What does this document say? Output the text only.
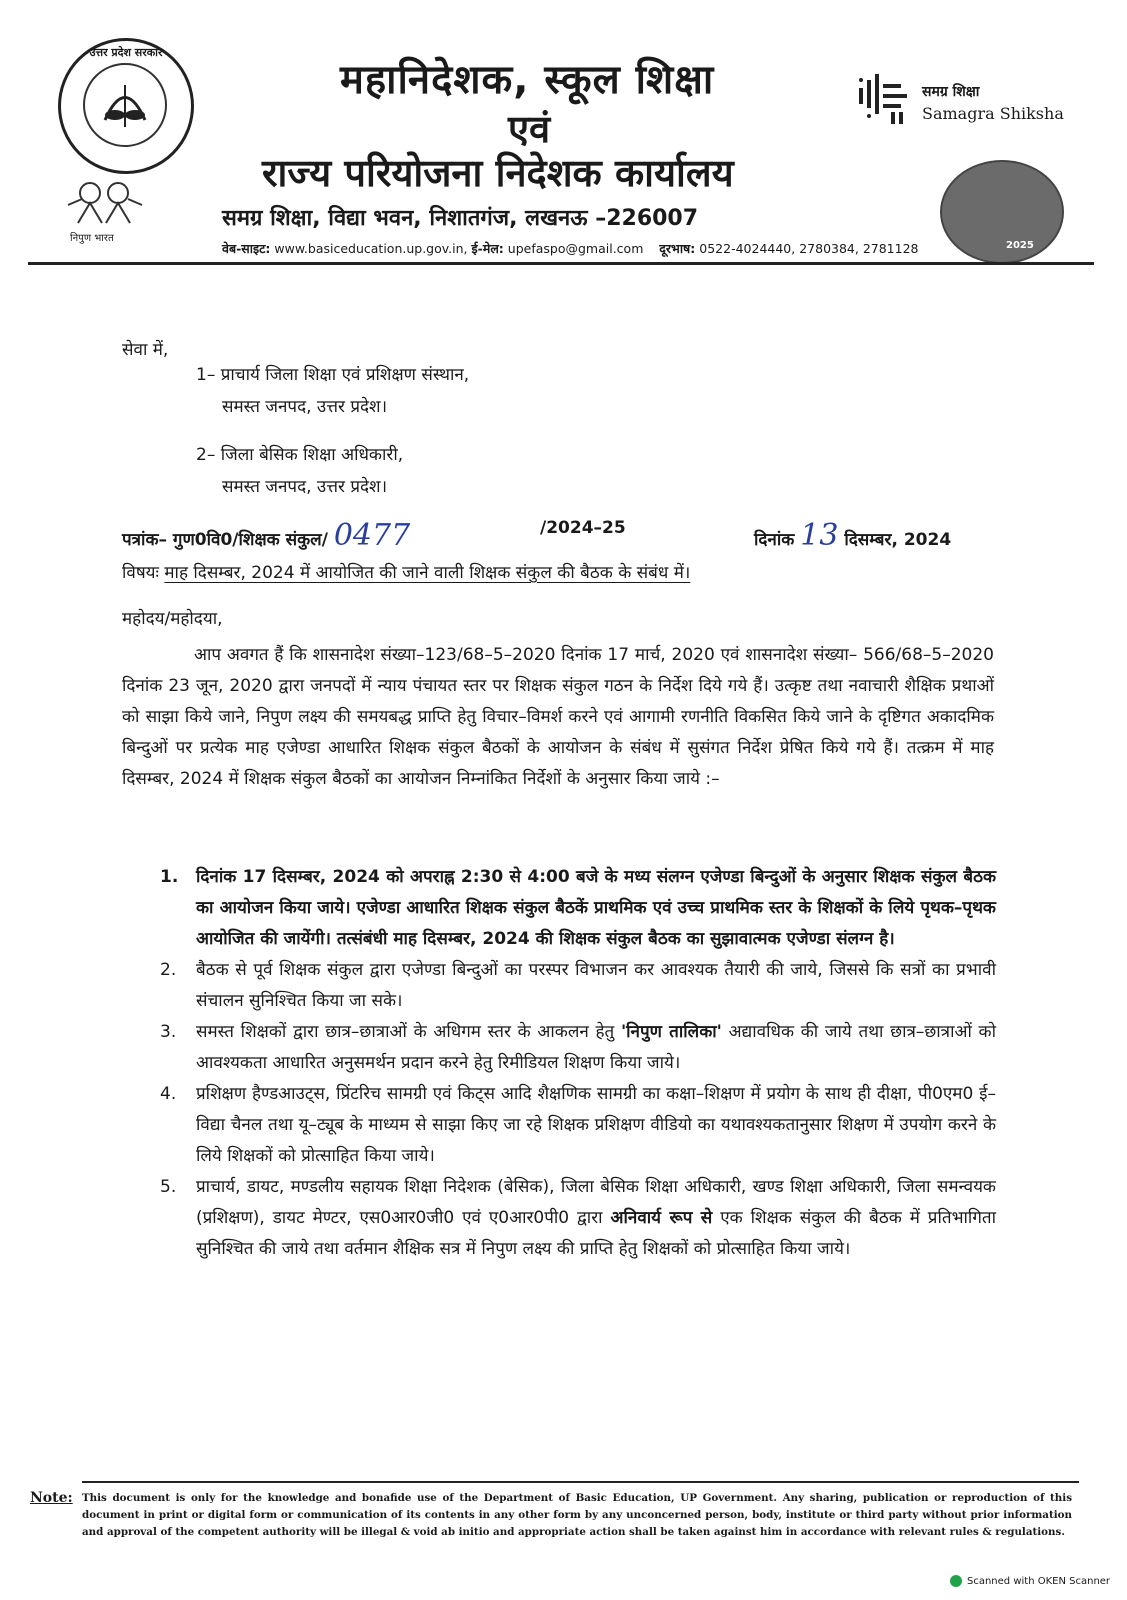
उत्तर प्रदेश सरकार
निपुण भारत
महानिदेशक, स्कूल शिक्षा
एवं
राज्य परियोजना निदेशक कार्यालय
समग्र शिक्षा, विद्या भवन, निशातगंज, लखनऊ –226007
वेब-साइट: www.basiceducation.up.gov.in, ई-मेल: upefaspo@gmail.com दूरभाष: 0522-4024440, 2780384, 2781128
समग्र शिक्षा
Samagra Shiksha
2025
सेवा में,
1– प्राचार्य जिला शिक्षा एवं प्रशिक्षण संस्थान,
समस्त जनपद, उत्तर प्रदेश।
2– जिला बेसिक शिक्षा अधिकारी,
समस्त जनपद, उत्तर प्रदेश।
पत्रांक– गुण0वि0/शिक्षक संकुल/ 0477	/2024–25
दिनांक 13 दिसम्बर, 2024
विषयः माह दिसम्बर, 2024 में आयोजित की जाने वाली शिक्षक संकुल की बैठक के संबंध में।
महोदय/महोदया,
आप अवगत हैं कि शासनादेश संख्या–123/68–5–2020 दिनांक 17 मार्च, 2020 एवं शासनादेश संख्या– 566/68–5–2020 दिनांक 23 जून, 2020 द्वारा जनपदों में न्याय पंचायत स्तर पर शिक्षक संकुल गठन के निर्देश दिये गये हैं। उत्कृष्ट तथा नवाचारी शैक्षिक प्रथाओं को साझा किये जाने, निपुण लक्ष्य की समयबद्ध प्राप्ति हेतु विचार–विमर्श करने एवं आगामी रणनीति विकसित किये जाने के दृष्टिगत अकादमिक बिन्दुओं पर प्रत्येक माह एजेण्डा आधारित शिक्षक संकुल बैठकों के आयोजन के संबंध में सुसंगत निर्देश प्रेषित किये गये हैं। तत्क्रम में माह दिसम्बर, 2024 में शिक्षक संकुल बैठकों का आयोजन निम्नांकित निर्देशों के अनुसार किया जाये :–
1. दिनांक 17 दिसम्बर, 2024 को अपराह्न 2:30 से 4:00 बजे के मध्य संलग्न एजेण्डा बिन्दुओं के अनुसार शिक्षक संकुल बैठक का आयोजन किया जाये। एजेण्डा आधारित शिक्षक संकुल बैठकें प्राथमिक एवं उच्च प्राथमिक स्तर के शिक्षकों के लिये पृथक–पृथक आयोजित की जायेंगी। तत्संबंधी माह दिसम्बर, 2024 की शिक्षक संकुल बैठक का सुझावात्मक एजेण्डा संलग्न है।
2. बैठक से पूर्व शिक्षक संकुल द्वारा एजेण्डा बिन्दुओं का परस्पर विभाजन कर आवश्यक तैयारी की जाये, जिससे कि सत्रों का प्रभावी संचालन सुनिश्चित किया जा सके।
3. समस्त शिक्षकों द्वारा छात्र–छात्राओं के अधिगम स्तर के आकलन हेतु 'निपुण तालिका' अद्यावधिक की जाये तथा छात्र–छात्राओं को आवश्यकता आधारित अनुसमर्थन प्रदान करने हेतु रिमीडियल शिक्षण किया जाये।
4. प्रशिक्षण हैण्डआउट्स, प्रिंटरिच सामग्री एवं किट्स आदि शैक्षणिक सामग्री का कक्षा–शिक्षण में प्रयोग के साथ ही दीक्षा, पी0एम0 ई–विद्या चैनल तथा यू–ट्यूब के माध्यम से साझा किए जा रहे शिक्षक प्रशिक्षण वीडियो का यथावश्यकतानुसार शिक्षण में उपयोग करने के लिये शिक्षकों को प्रोत्साहित किया जाये।
5. प्राचार्य, डायट, मण्डलीय सहायक शिक्षा निदेशक (बेसिक), जिला बेसिक शिक्षा अधिकारी, खण्ड शिक्षा अधिकारी, जिला समन्वयक (प्रशिक्षण), डायट मेण्टर, एस0आर0जी0 एवं ए0आर0पी0 द्वारा अनिवार्य रूप से एक शिक्षक संकुल की बैठक में प्रतिभागिता सुनिश्चित की जाये तथा वर्तमान शैक्षिक सत्र में निपुण लक्ष्य की प्राप्ति हेतु शिक्षकों को प्रोत्साहित किया जाये।
Note: This document is only for the knowledge and bonafide use of the Department of Basic Education, UP Government. Any sharing, publication or reproduction of this document in print or digital form or communication of its contents in any other form by any unconcerned person, body, institute or third party without prior information and approval of the competent authority will be illegal & void ab initio and appropriate action shall be taken against him in accordance with relevant rules & regulations.
Scanned with OKEN Scanner
